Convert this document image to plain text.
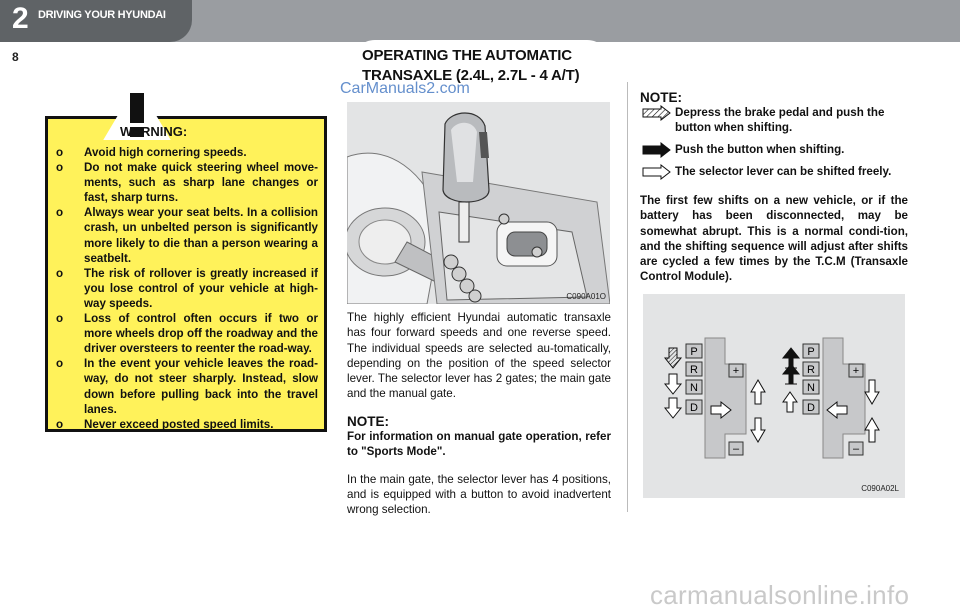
2 DRIVING YOUR HYUNDAI
8	OPERATING THE AUTOMATIC
TRANSAXLE (2.4L, 2.7L - 4 A/T)
WARNING:
o Avoid high cornering speeds.
o Do not make quick steering wheel move-ments, such as sharp lane changes or fast, sharp turns.
o Always wear your seat belts. In a collision crash, un unbelted person is significantly more likely to die than a person wearing a seatbelt.
o The risk of rollover is greatly increased if you lose control of your vehicle at high-way speeds.
o Loss of control often occurs if two or more wheels drop off the roadway and the driver oversteers to reenter the road-way.
o In the event your vehicle leaves the road-way, do not steer sharply. Instead, slow down before pulling back into the travel lanes.
o Never exceed posted speed limits.
C090A01O
CarManuals2.com
carmanualsonline.info

The highly efficient Hyundai automatic transaxle has four forward speeds and one reverse speed. The individual speeds are selected au-tomatically, depending on the position of the speed selector lever. The selector lever has 2 gates; the main gate and the manual gate.

NOTE:

For information on manual gate operation, refer to "Sports Mode".

In the main gate, the selector lever has 4 positions, and is equipped with a button to avoid inadvertent wrong selection.

NOTE:
Depress the brake pedal and push the button when shifting.
Push the button when shifting.
The selector lever can be shifted freely.
The first few shifts on a new vehicle, or if the battery has been disconnected, may be somewhat abrupt. This is a normal condi-tion, and the shifting sequence will adjust after shifts are cycled a few times by the T.C.M (Transaxle Control Module).
P
R
N
D
+
–
P
R
N
D
+
–
C090A02L
